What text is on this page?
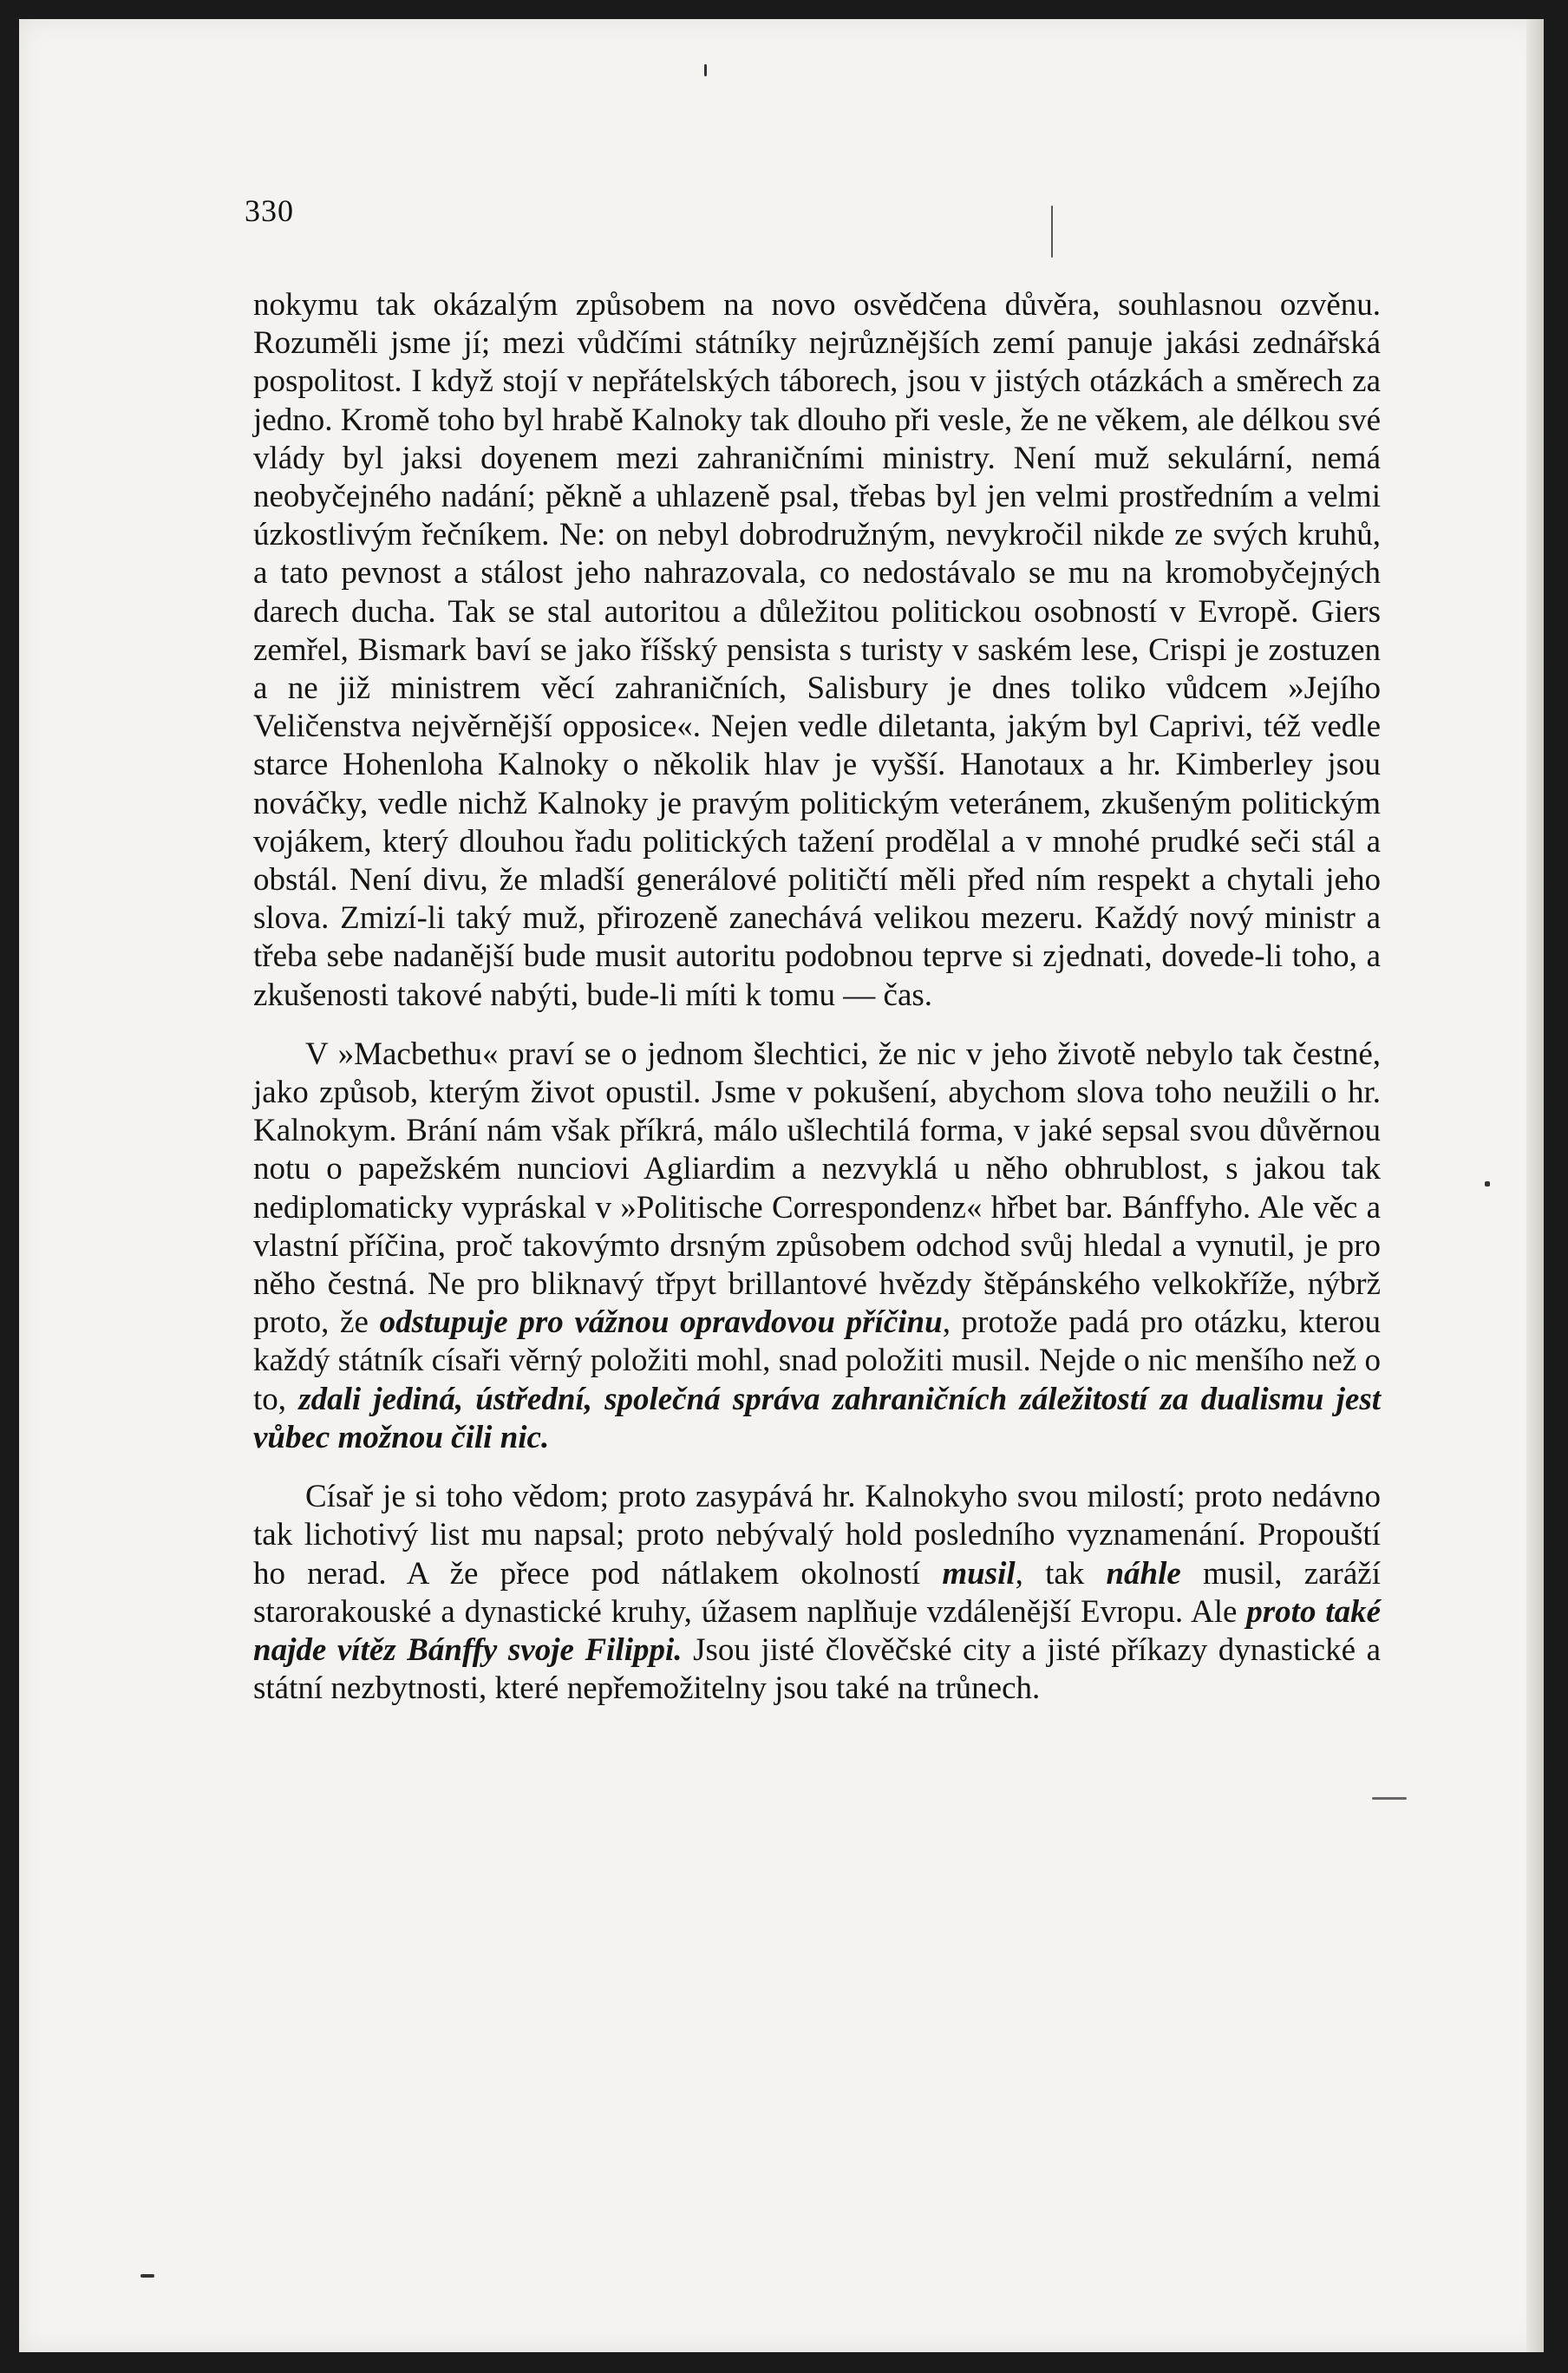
330

nokymu tak okázalým způsobem na novo osvědčena důvěra, souhlasnou ozvěnu. Rozuměli jsme jí; mezi vůdčími státníky nejrůznějších zemí panuje jakási zednářská pospolitost. I když stojí v nepřátelských táborech, jsou v jistých otázkách a směrech za jedno. Kromě toho byl hrabě Kalnoky tak dlouho při vesle, že ne věkem, ale délkou své vlády byl jaksi doyenem mezi zahraničními ministry. Není muž sekulární, nemá neobyčejného nadání; pěkně a uhlazeně psal, třebas byl jen velmi prostředním a velmi úzkostlivým řečníkem. Ne: on nebyl dobrodružným, nevykročil nikde ze svých kruhů, a tato pevnost a stálost jeho nahrazovala, co nedostávalo se mu na kromobyčejných darech ducha. Tak se stal autoritou a důležitou politickou osobností v Evropě. Giers zemřel, Bismark baví se jako říšský pensista s turisty v saském lese, Crispi je zostuzen a ne již ministrem věcí zahraničních, Salisbury je dnes toliko vůdcem »Jejího Veličenstva nejvěrnější opposice«. Nejen vedle diletanta, jakým byl Caprivi, též vedle starce Hohenloha Kalnoky o několik hlav je vyšší. Hanotaux a hr. Kimberley jsou nováčky, vedle nichž Kalnoky je pravým politickým veteránem, zkušeným politickým vojákem, který dlouhou řadu politických tažení prodělal a v mnohé prudké seči stál a obstál. Není divu, že mladší generálové političtí měli před ním respekt a chytali jeho slova. Zmizí-li taký muž, přirozeně zanechává velikou mezeru. Každý nový ministr a třeba sebe nadanější bude musit autoritu podobnou teprve si zjednati, dovede-li toho, a zkušenosti takové nabýti, bude-li míti k tomu — čas.

V »Macbethu« praví se o jednom šlechtici, že nic v jeho životě nebylo tak čestné, jako způsob, kterým život opustil. Jsme v pokušení, abychom slova toho neužili o hr. Kalnokym. Brání nám však příkrá, málo ušlechtilá forma, v jaké sepsal svou důvěrnou notu o papežském nunciovi Agliardim a nezvyklá u něho obhrublost, s jakou tak nediplomaticky vypráskal v »Politische Correspondenz« hřbet bar. Bánffyho. Ale věc a vlastní příčina, proč takovýmto drsným způsobem odchod svůj hledal a vynutil, je pro něho čestná. Ne pro bliknavý třpyt brillantové hvězdy štěpánského velkokříže, nýbrž proto, že odstupuje pro vážnou opravdovou příčinu, protože padá pro otázku, kterou každý státník císaři věrný položiti mohl, snad položiti musil. Nejde o nic menšího než o to, zdali jediná, ústřední, společná správa zahraničních záležitostí za dualismu jest vůbec možnou čili nic.

Císař je si toho vědom; proto zasypává hr. Kalnokyho svou milostí; proto nedávno tak lichotivý list mu napsal; proto nebývalý hold posledního vyznamenání. Propouští ho nerad. A že přece pod nátlakem okolností musil, tak náhle musil, zaráží starorakouské a dynastické kruhy, úžasem naplňuje vzdálenější Evropu. Ale proto také najde vítěz Bánffy svoje Filippi. Jsou jisté člověčské city a jisté příkazy dynastické a státní nezbytnosti, které nepřemožitelny jsou také na trůnech.
